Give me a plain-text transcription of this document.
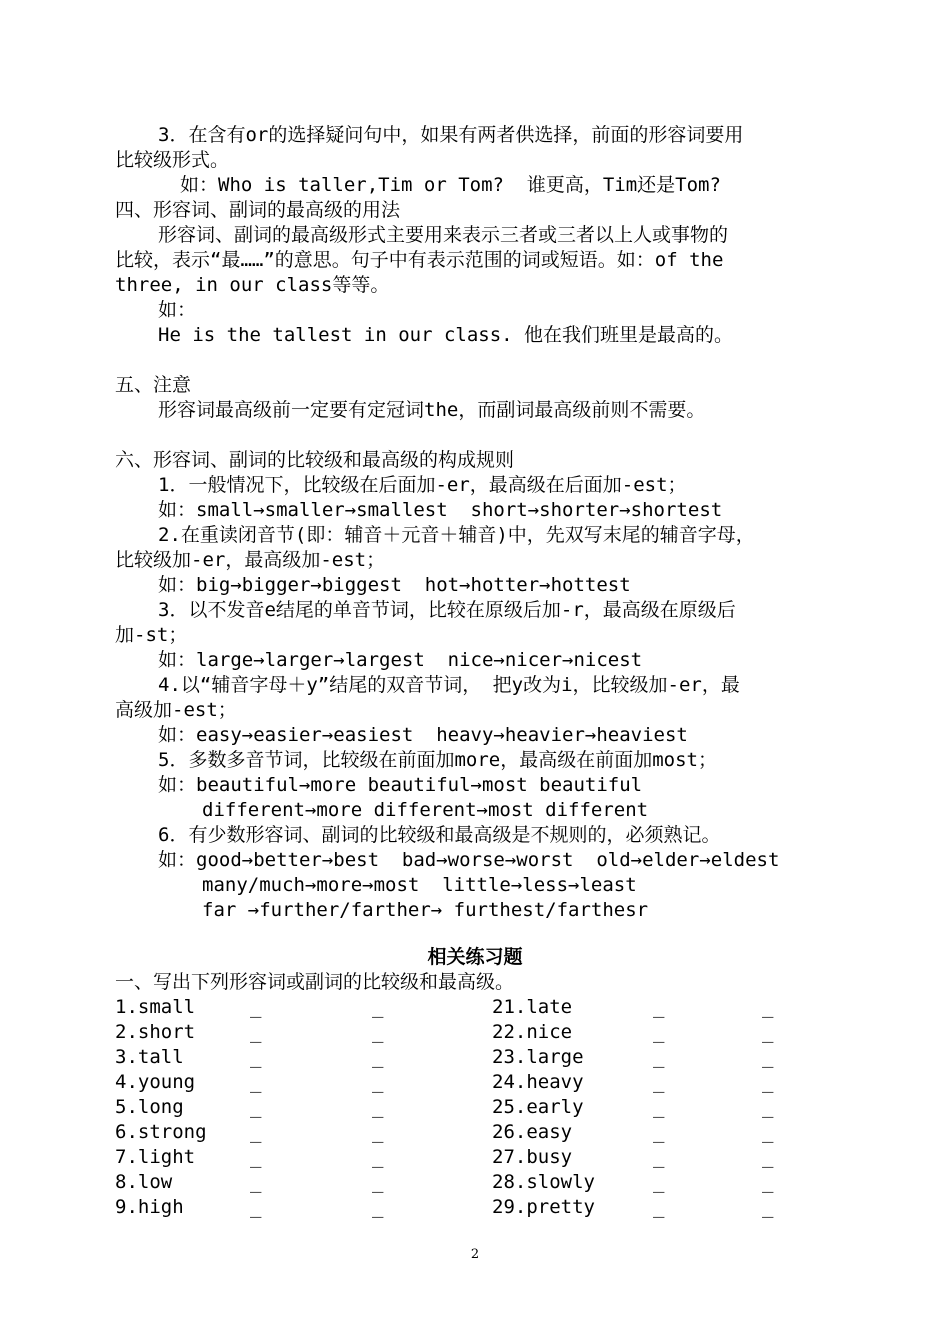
3．在含有or的选择疑问句中，如果有两者供选择，前面的形容词要用
比较级形式。
如：Who is taller,Tim or Tom?  谁更高，Tim还是Tom?
四、形容词、副词的最高级的用法
形容词、副词的最高级形式主要用来表示三者或三者以上人或事物的
比较，表示“最……”的意思。句子中有表示范围的词或短语。如：of the
three, in our class等等。
如：
He is the tallest in our class. 他在我们班里是最高的。
五、注意
形容词最高级前一定要有定冠词the，而副词最高级前则不需要。
六、形容词、副词的比较级和最高级的构成规则
1．一般情况下，比较级在后面加-er，最高级在后面加-est；
如：small→smaller→smallest  short→shorter→shortest
2.在重读闭音节(即：辅音＋元音＋辅音)中，先双写末尾的辅音字母，
比较级加-er，最高级加-est；
如：big→bigger→biggest  hot→hotter→hottest
3．以不发音e结尾的单音节词，比较在原级后加-r，最高级在原级后
加-st；
如：large→larger→largest  nice→nicer→nicest
4.以“辅音字母＋y”结尾的双音节词， 把y改为i，比较级加-er，最
高级加-est；
如：easy→easier→easiest  heavy→heavier→heaviest
5．多数多音节词，比较级在前面加more，最高级在前面加most；
如：beautiful→more beautiful→most beautiful
different→more different→most different
6．有少数形容词、副词的比较级和最高级是不规则的，必须熟记。
如：good→better→best  bad→worse→worst  old→elder→eldest
many/much→more→most  little→less→least
far →further/farther→ furthest/farthesr
相关练习题
一、写出下列形容词或副词的比较级和最高级。
1.small	_	_
2.short	_	_
3.tall	_	_
4.young	_	_
5.long	_	_
6.strong _	_
7.light	_	_
8.low	_	_
9.high	_	_
21.late	_	_
22.nice	_	_
23.large	_	_
24.heavy	_	_
25.early	_	_
26.easy	_	_
27.busy	_	_
28.slowly	_	_
29.pretty	_	_
2
